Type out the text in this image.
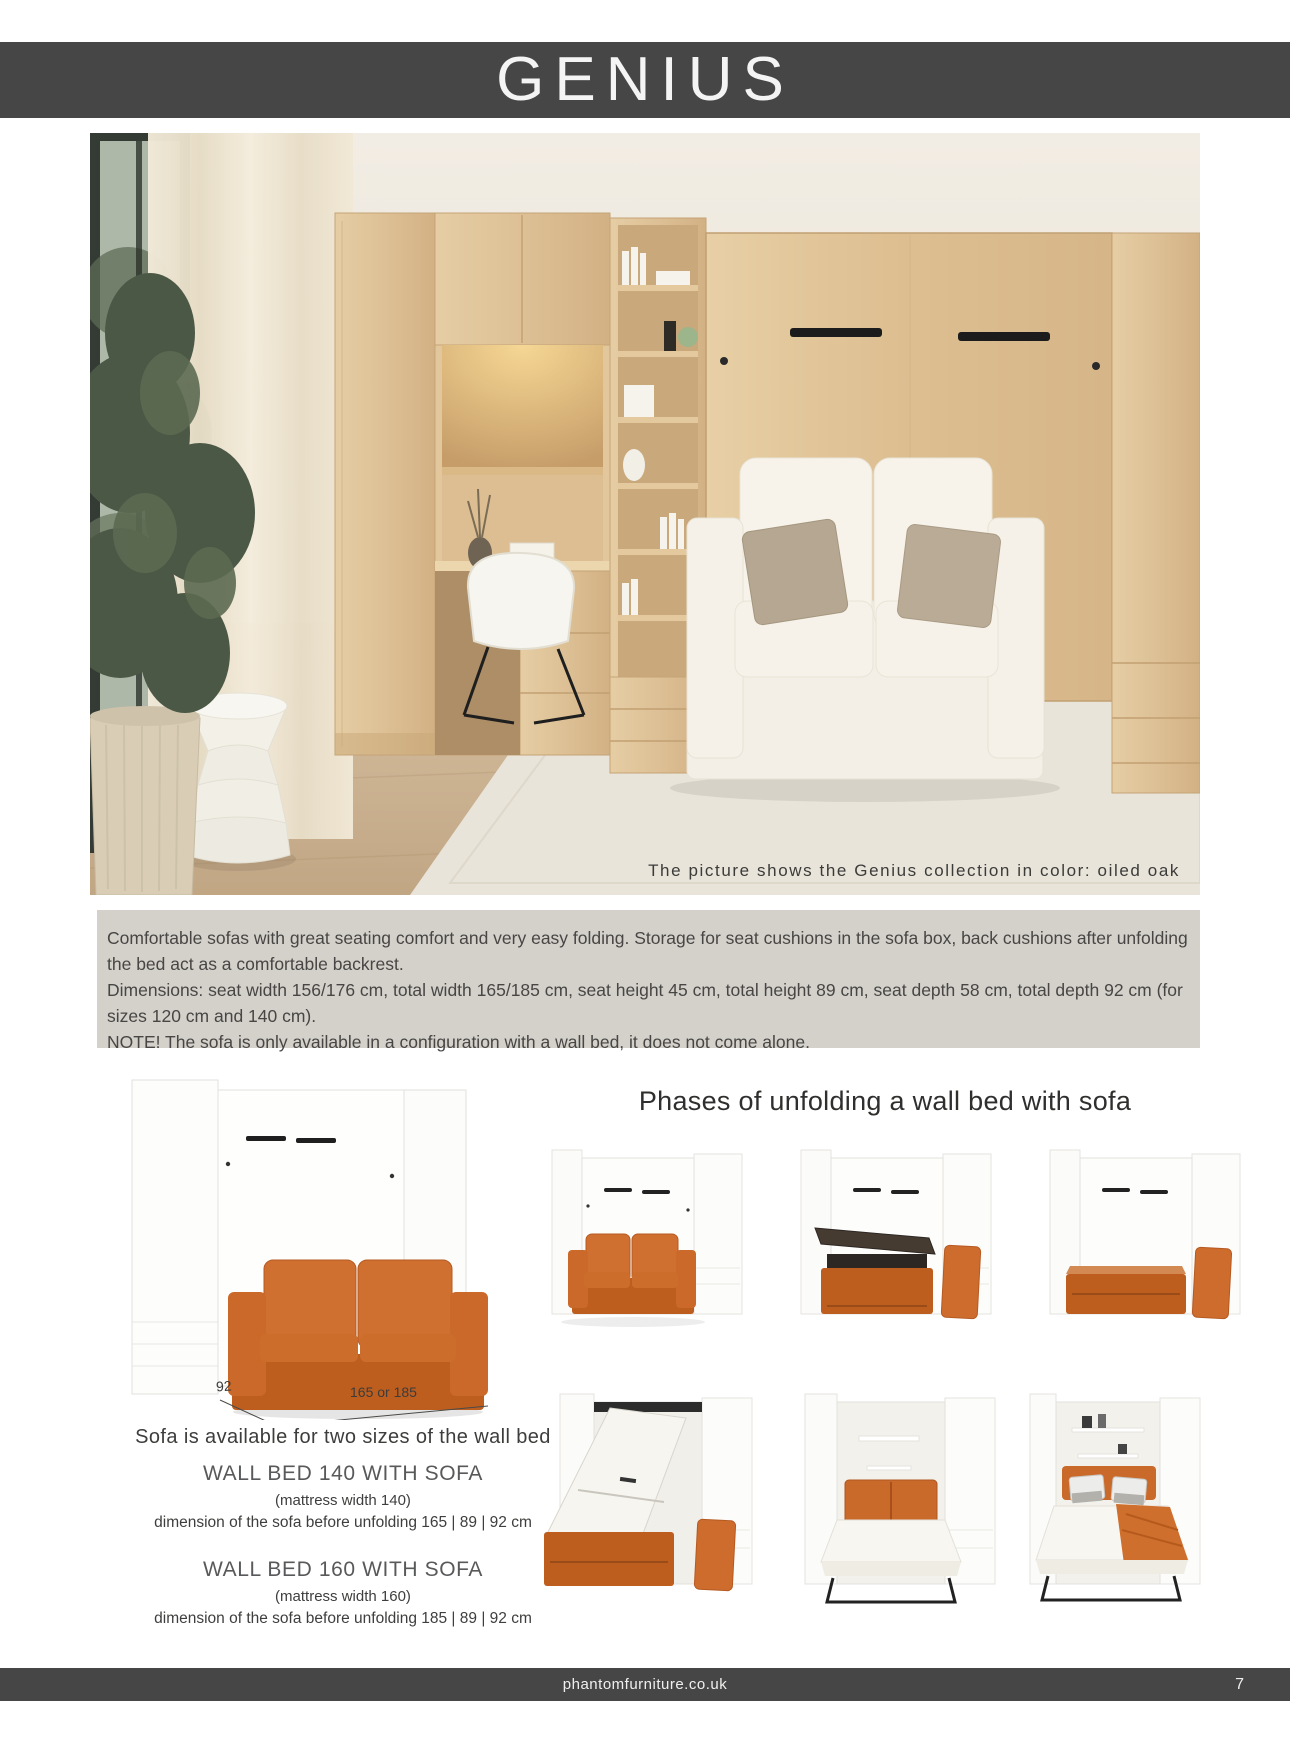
GENIUS
The picture shows the Genius collection in color: oiled oak
Comfortable sofas with great seating comfort and very easy folding. Storage for seat cushions in the sofa box, back cushions after unfolding the bed act as a comfortable backrest.
Dimensions: seat width 156/176 cm, total width 165/185 cm, seat height 45 cm, total height 89 cm, seat depth 58 cm, total depth 92 cm (for sizes 120 cm and 140 cm).
NOTE! The sofa is only available in a configuration with a wall bed, it does not come alone.
92	165 or 185
Sofa is available for two sizes of the wall bed
WALL BED 140 WITH SOFA
(mattress width 140)
dimension of the sofa before unfolding 165 | 89 | 92 cm
WALL BED 160 WITH SOFA
(mattress width 160)
dimension of the sofa before unfolding 185 | 89 | 92 cm
Phases of unfolding a wall bed with sofa
phantomfurniture.co.uk	7
